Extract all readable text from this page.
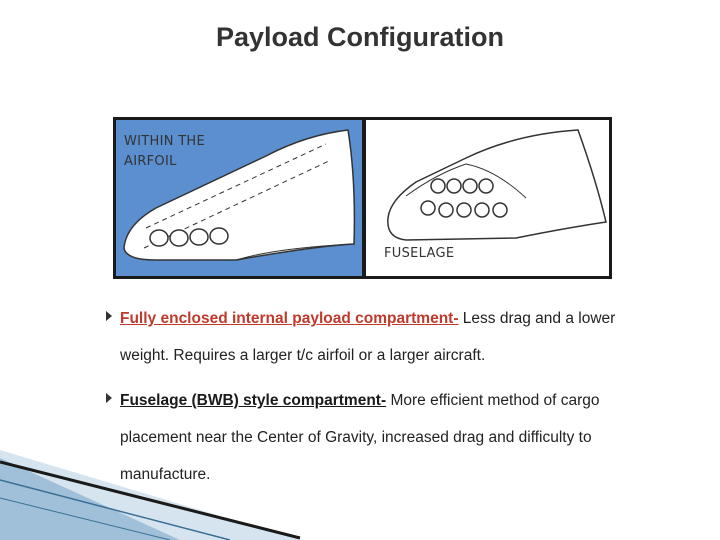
Payload Configuration
WITHIN THE AIRFOIL
FUSELAGE
Fully enclosed internal payload compartment- Less drag and a lower weight. Requires a larger t/c airfoil or a larger aircraft.
Fuselage (BWB) style compartment- More efficient method of cargo placement near the Center of Gravity, increased drag and difficulty to manufacture.
